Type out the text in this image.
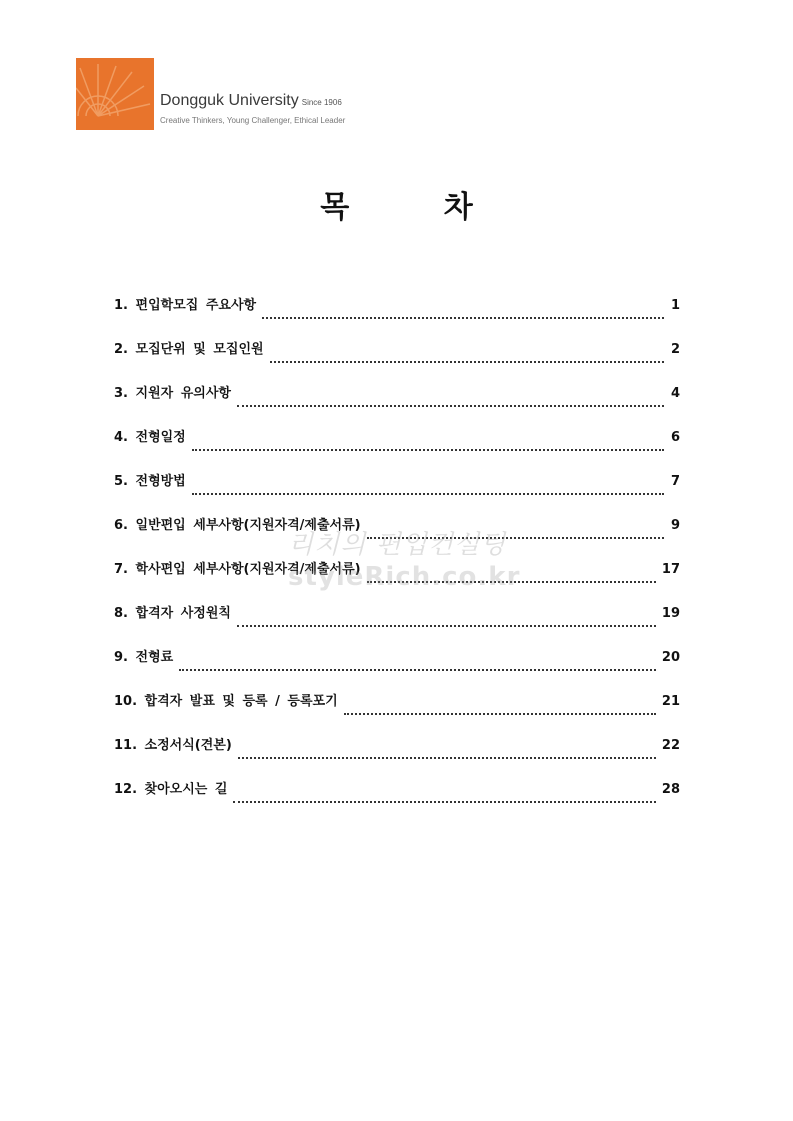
Dongguk University Since 1906
Creative Thinkers, Young Challenger, Ethical Leader
목 차
1. 편입학모집 주요사항	1
2. 모집단위 및 모집인원	2
3. 지원자 유의사항	4
4. 전형일정	6
5. 전형방법	7
6. 일반편입 세부사항(지원자격/제출서류)	9
7. 학사편입 세부사항(지원자격/제출서류)	17
8. 합격자 사정원칙	19
9. 전형료	20
10. 합격자 발표 및 등록 / 등록포기	21
11. 소정서식(견본)	22
12. 찾아오시는 길	28
리치의 편입컨설팅
styleRich.co.kr
